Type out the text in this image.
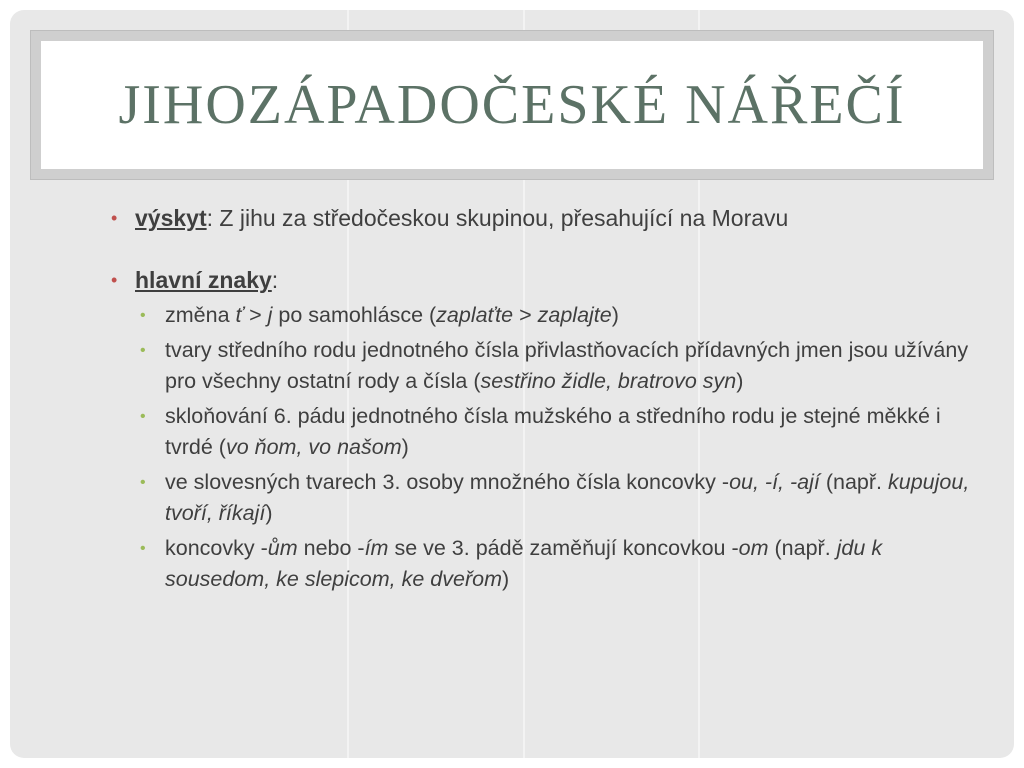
JIHOZÁPADOČESKÉ NÁŘEČÍ
• výskyt: Z jihu za středočeskou skupinou, přesahující na Moravu
• hlavní znaky:
• změna ť > j po samohlásce (zaplaťte > zaplajte)
• tvary středního rodu jednotného čísla přivlastňovacích přídavných jmen jsou užívány pro všechny ostatní rody a čísla (sestřino židle, bratrovo syn)
• skloňování 6. pádu jednotného čísla mužského a středního rodu je stejné měkké i tvrdé (vo ňom, vo našom)
• ve slovesných tvarech 3. osoby množného čísla koncovky -ou, -í, -ají (např. kupujou, tvoří, říkají)
• koncovky -ům nebo -ím se ve 3. pádě zaměňují koncovkou -om (např. jdu k sousedom, ke slepicom, ke dveřom)
